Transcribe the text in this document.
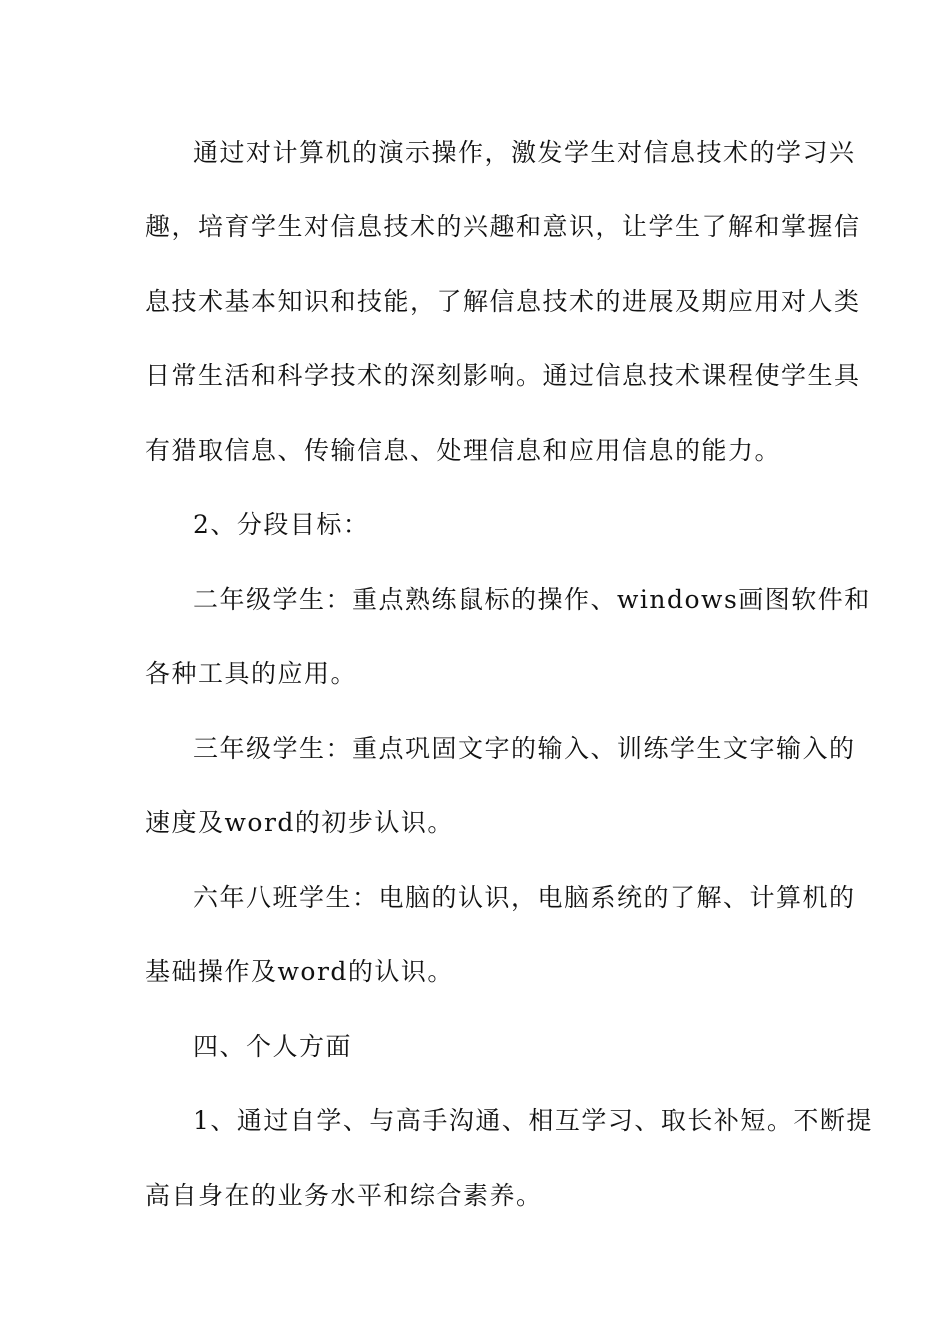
通过对计算机的演示操作，激发学生对信息技术的学习兴
趣，培育学生对信息技术的兴趣和意识，让学生了解和掌握信
息技术基本知识和技能，了解信息技术的进展及期应用对人类
日常生活和科学技术的深刻影响。通过信息技术课程使学生具
有猎取信息、传输信息、处理信息和应用信息的能力。
2、分段目标：
二年级学生：重点熟练鼠标的操作、windows画图软件和
各种工具的应用。
三年级学生：重点巩固文字的输入、训练学生文字输入的
速度及word的初步认识。
六年八班学生：电脑的认识，电脑系统的了解、计算机的
基础操作及word的认识。
四、个人方面
1、通过自学、与高手沟通、相互学习、取长补短。不断提
高自身在的业务水平和综合素养。
